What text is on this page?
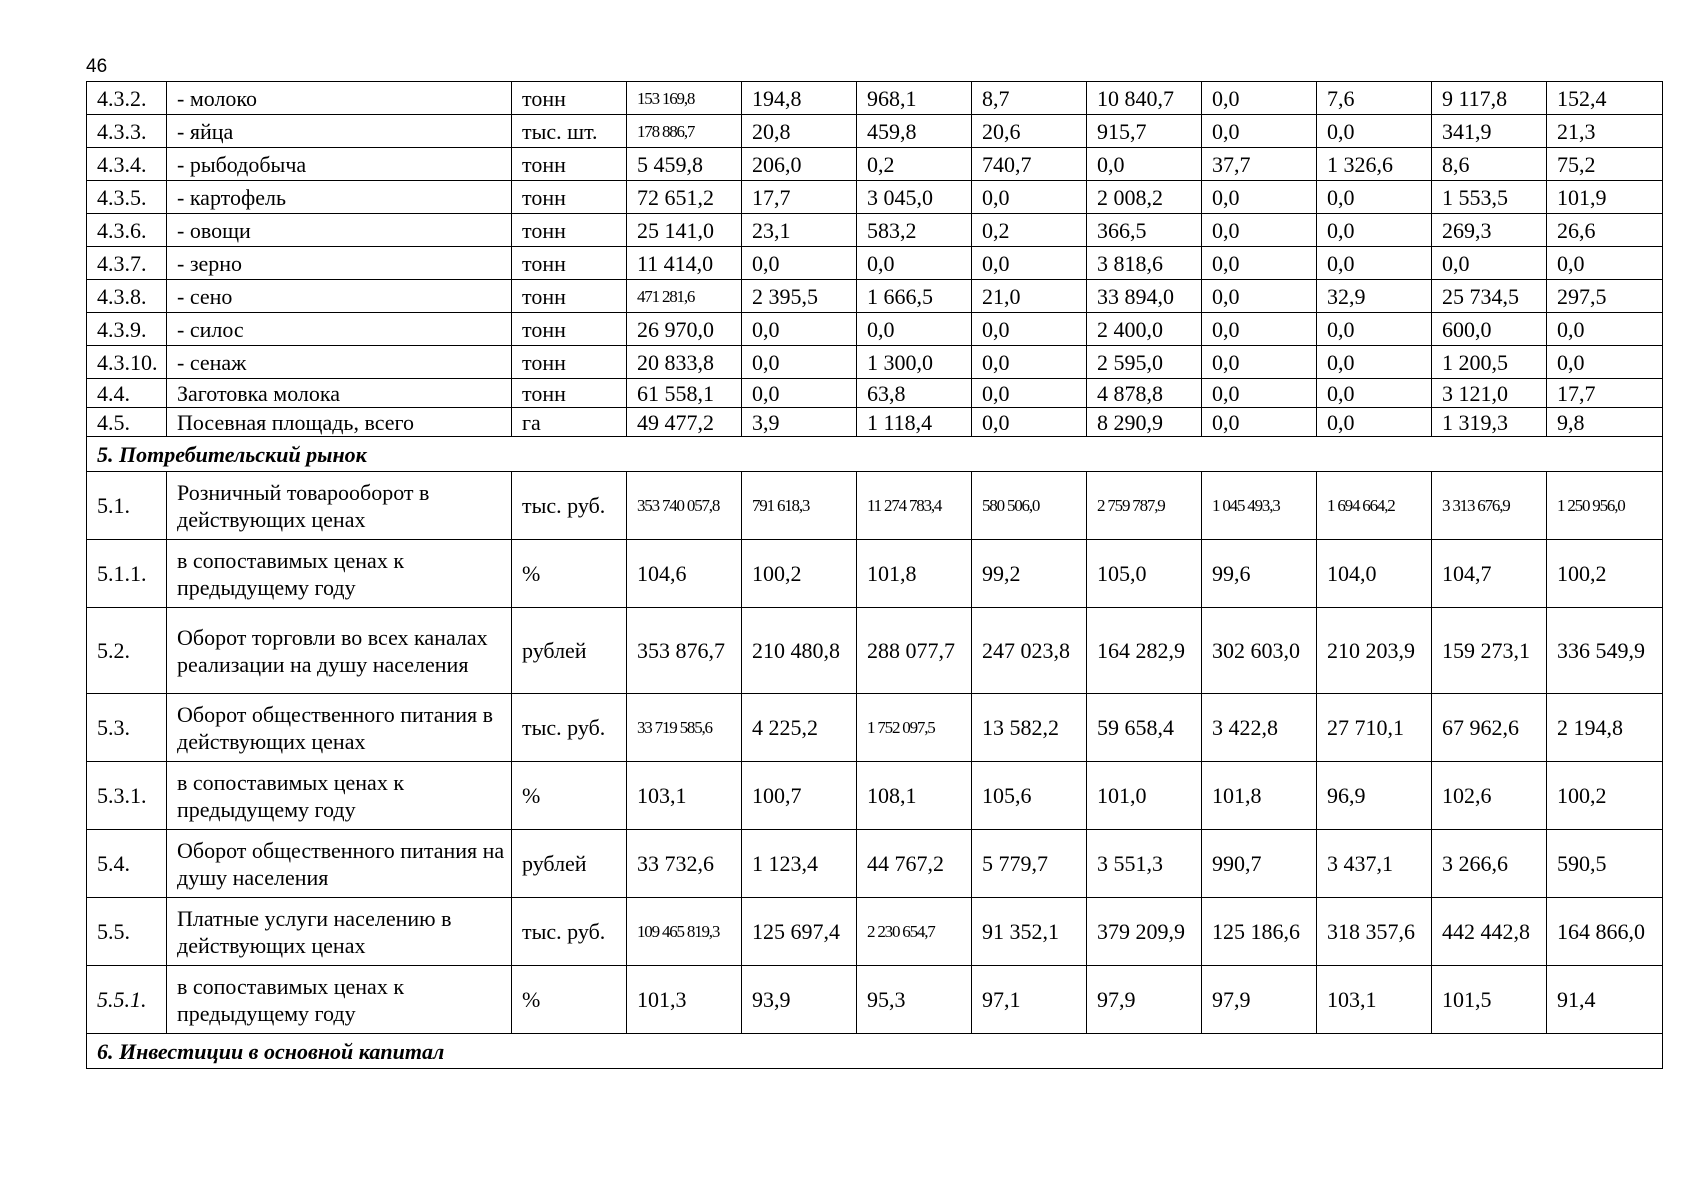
46
4.3.2.	- молоко	тонн	153 169,8	194,8	968,1	8,7	10 840,7	0,0	7,6	9 117,8	152,4
4.3.3.	- яйца	тыс. шт.	178 886,7	20,8	459,8	20,6	915,7	0,0	0,0	341,9	21,3
4.3.4.	- рыбодобыча	тонн	5 459,8	206,0	0,2	740,7	0,0	37,7	1 326,6	8,6	75,2
4.3.5.	- картофель	тонн	72 651,2	17,7	3 045,0	0,0	2 008,2	0,0	0,0	1 553,5	101,9
4.3.6.	- овощи	тонн	25 141,0	23,1	583,2	0,2	366,5	0,0	0,0	269,3	26,6
4.3.7.	- зерно	тонн	11 414,0	0,0	0,0	0,0	3 818,6	0,0	0,0	0,0	0,0
4.3.8.	- сено	тонн	471 281,6	2 395,5	1 666,5	21,0	33 894,0	0,0	32,9	25 734,5	297,5
4.3.9.	- силос	тонн	26 970,0	0,0	0,0	0,0	2 400,0	0,0	0,0	600,0	0,0
4.3.10.	- сенаж	тонн	20 833,8	0,0	1 300,0	0,0	2 595,0	0,0	0,0	1 200,5	0,0
4.4.	Заготовка молока	тонн	61 558,1	0,0	63,8	0,0	4 878,8	0,0	0,0	3 121,0	17,7
4.5.	Посевная площадь, всего	га	49 477,2	3,9	1 118,4	0,0	8 290,9	0,0	0,0	1 319,3	9,8
5. Потребительский рынок											
5.1.	Розничный товарооборот в действующих ценах	тыс. руб.	353 740 057,8	791 618,3	11 274 783,4	580 506,0	2 759 787,9	1 045 493,3	1 694 664,2	3 313 676,9	1 250 956,0
5.1.1.	в сопоставимых ценах к предыдущему году	%	104,6	100,2	101,8	99,2	105,0	99,6	104,0	104,7	100,2
5.2.	Оборот торговли во всех каналах реализации на душу населения	рублей	353 876,7	210 480,8	288 077,7	247 023,8	164 282,9	302 603,0	210 203,9	159 273,1	336 549,9
5.3.	Оборот общественного питания в действующих ценах	тыс. руб.	33 719 585,6	4 225,2	1 752 097,5	13 582,2	59 658,4	3 422,8	27 710,1	67 962,6	2 194,8
5.3.1.	в сопоставимых ценах к предыдущему году	%	103,1	100,7	108,1	105,6	101,0	101,8	96,9	102,6	100,2
5.4.	Оборот общественного питания на душу населения	рублей	33 732,6	1 123,4	44 767,2	5 779,7	3 551,3	990,7	3 437,1	3 266,6	590,5
5.5.	Платные услуги населению в действующих ценах	тыс. руб.	109 465 819,3	125 697,4	2 230 654,7	91 352,1	379 209,9	125 186,6	318 357,6	442 442,8	164 866,0
5.5.1.	в сопоставимых ценах к предыдущему году	%	101,3	93,9	95,3	97,1	97,9	97,9	103,1	101,5	91,4
6. Инвестиции в основной капитал											
